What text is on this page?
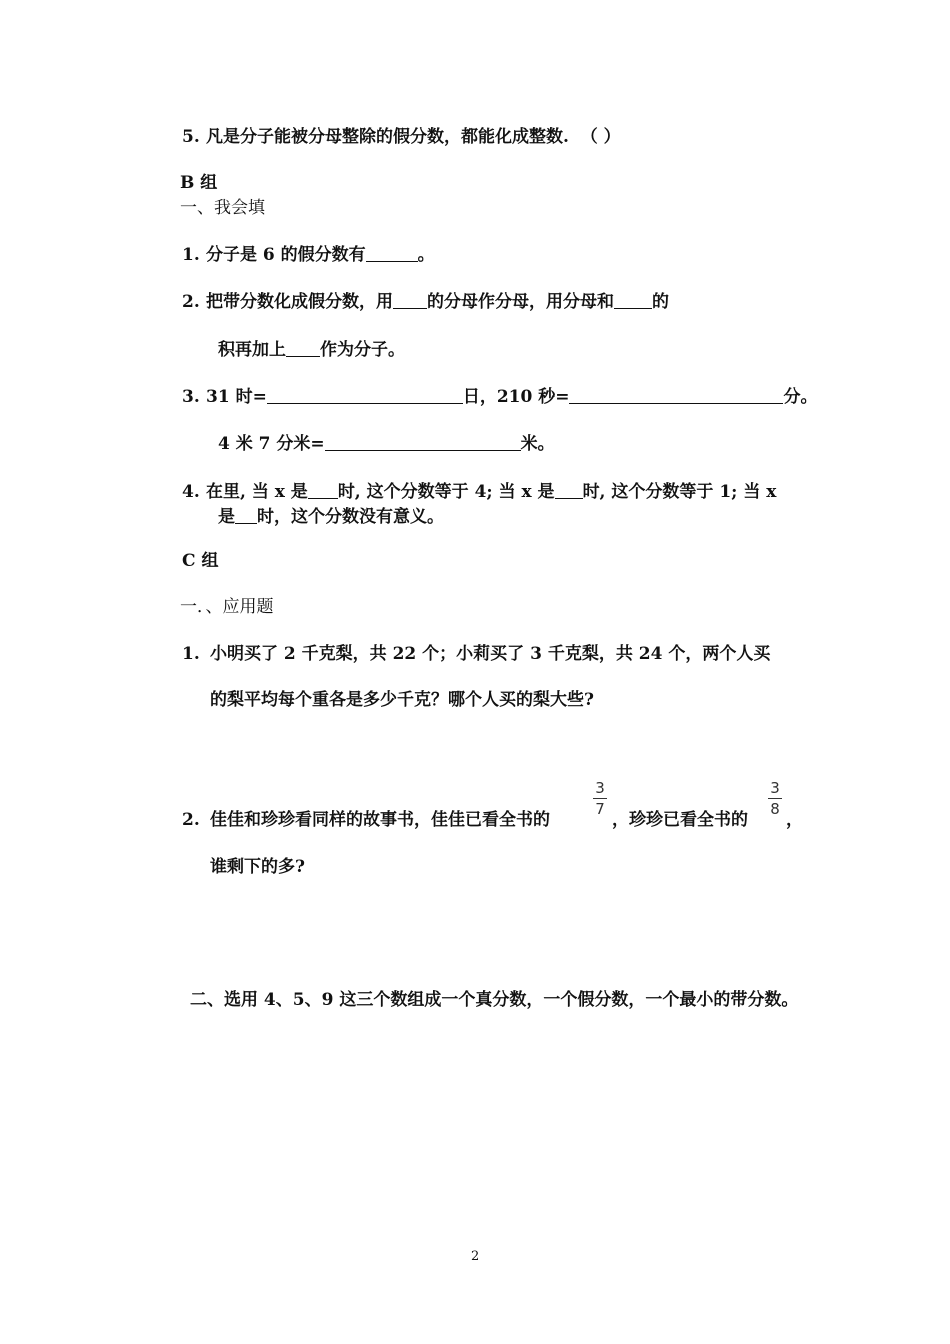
5. 凡是分子能被分母整除的假分数，都能化成整数. （ ）
B 组
一、我会填
1. 分子是 6 的假分数有	。
2. 把带分数化成假分数，用 的分母作分母，用分母和 的
积再加上 作为分子。
3. 31 时=	日，210 秒=	分。
4 米 7 分米=	米。
4. 在里, 当 x 是 时, 这个分数等于 4; 当 x 是 时, 这个分数等于 1; 当 x
是 时，这个分数没有意义。
C 组
一．、应用题
1. 小明买了 2 千克梨，共 22 个；小莉买了 3 千克梨，共 24 个，两个人买
的梨平均每个重各是多少千克？哪个人买的梨大些?
2. 佳佳和珍珍看同样的故事书，佳佳已看全书的
3
7
，珍珍已看全书的
3
8
，
谁剩下的多?
二、选用 4、5、9 这三个数组成一个真分数，一个假分数，一个最小的带分数。
2
